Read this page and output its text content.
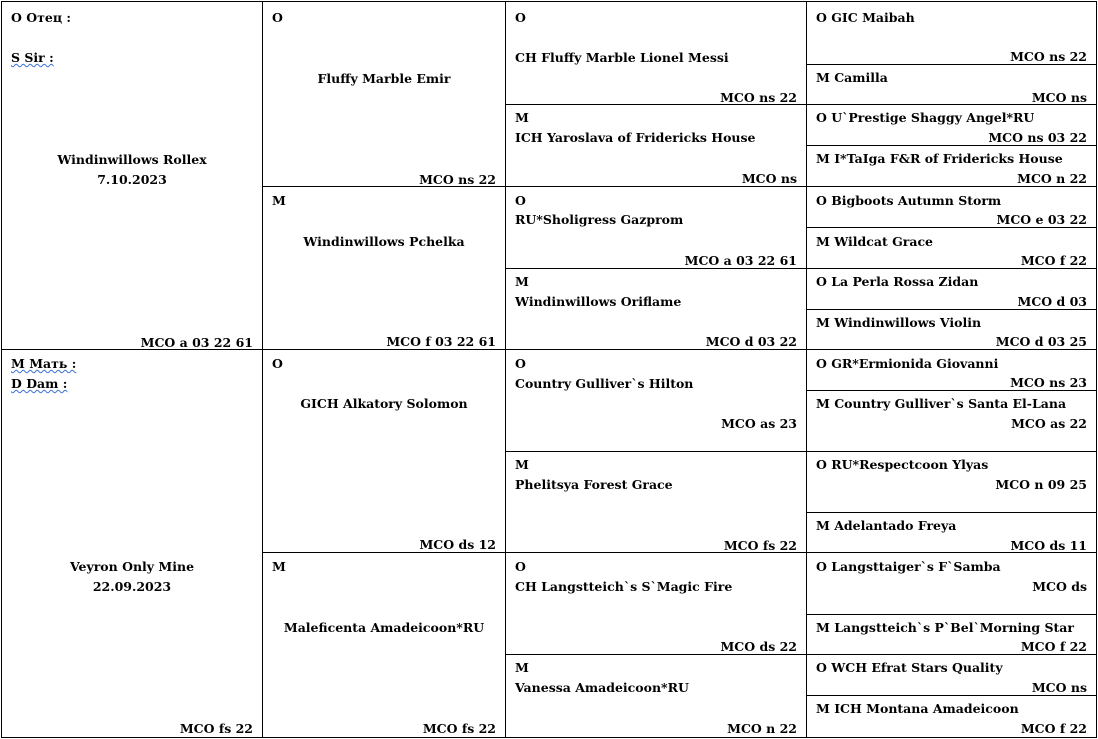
О Отец :
S Sir :
Windinwillows Rollex
7.10.2023
MCO a 03 22 61
M Мать :
D Dam :
Veyron Only Mine
22.09.2023
MCO fs 22
O
Fluffy Marble Emir
MCO ns 22
M
Windinwillows Pchelka
MCO f 03 22 61
O
GICH Alkatory Solomon
MCO ds 12
M
Maleficenta Amadeicoon*RU
MCO fs 22
O
CH Fluffy Marble Lionel Messi
MCO ns 22
M
ICH Yaroslava of Fridericks House
MCO ns
O
RU*Sholigress Gazprom
MCO a 03 22 61
M
Windinwillows Oriflame
MCO d 03 22
O
Country Gulliver`s Hilton
MCO as 23
M
Phelitsya Forest Grace
MCO fs 22
O
CH Langstteich`s S`Magic Fire
MCO ds 22
M
Vanessa Amadeicoon*RU
MCO n 22
O GIC Maibah
MCO ns 22
M Camilla
MCO ns
O U`Prestige Shaggy Angel*RU
MCO ns 03 22
M I*TaIga F&R of Fridericks House
MCO n 22
O Bigboots Autumn Storm
MCO e 03 22
M Wildcat Grace
MCO f 22
O La Perla Rossa Zidan
MCO d 03
M Windinwillows Violin
MCO d 03 25
O GR*Ermionida Giovanni
MCO ns 23
M Country Gulliver`s Santa El-Lana
MCO as 22
O RU*Respectcoon Ylyas
MCO n 09 25
M Adelantado Freya
MCO ds 11
O Langsttaiger`s F`Samba
MCO ds
M Langstteich`s P`Bel`Morning Star
MCO f 22
O WCH Efrat Stars Quality
MCO ns
M ICH Montana Amadeicoon
MCO f 22
